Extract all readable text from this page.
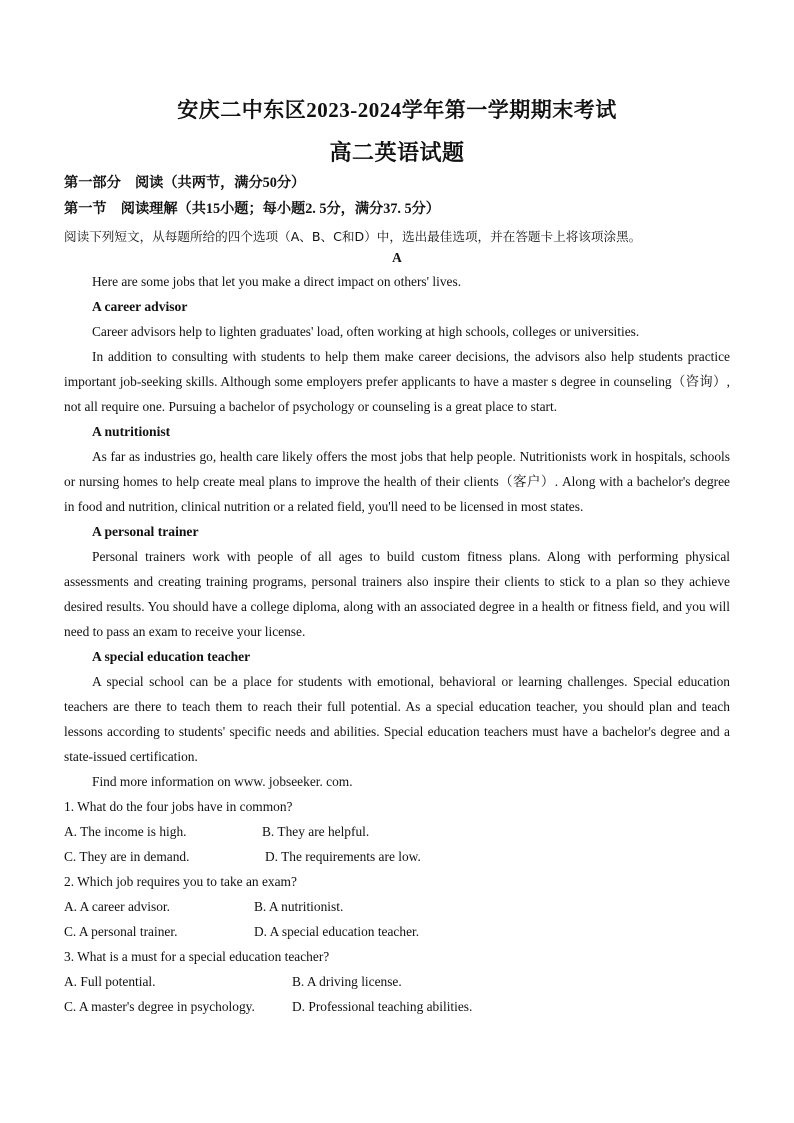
安庆二中东区2023-2024学年第一学期期末考试
高二英语试题
第一部分　阅读（共两节，满分50分）
第一节　阅读理解（共15小题；每小题2. 5分，满分37. 5分）
阅读下列短文，从每题所给的四个选项（A、B、C和D）中，选出最佳选项，并在答题卡上将该项涂黑。
A

Here are some jobs that let you make a direct impact on others' lives.

A career advisor

Career advisors help to lighten graduates' load, often working at high schools, colleges or universities.

In addition to consulting with students to help them make career decisions, the advisors also help students practice important job-seeking skills. Although some employers prefer applicants to have a master s degree in counseling（咨询）, not all require one. Pursuing a bachelor of psychology or counseling is a great place to start.

A nutritionist

As far as industries go, health care likely offers the most jobs that help people. Nutritionists work in hospitals, schools or nursing homes to help create meal plans to improve the health of their clients（客户）. Along with a bachelor's degree in food and nutrition, clinical nutrition or a related field, you'll need to be licensed in most states.

A personal trainer

Personal trainers work with people of all ages to build custom fitness plans. Along with performing physical assessments and creating training programs, personal trainers also inspire their clients to stick to a plan so they achieve desired results. You should have a college diploma, along with an associated degree in a health or fitness field, and you will need to pass an exam to receive your license.

A special education teacher

A special school can be a place for students with emotional, behavioral or learning challenges. Special education teachers are there to teach them to reach their full potential. As a special education teacher, you should plan and teach lessons according to students' specific needs and abilities. Special education teachers must have a bachelor's degree and a state-issued certification.

Find more information on www. jobseeker. com.

1. What do the four jobs have in common?
A. The income is high.	B. They are helpful.
C. They are in demand.	D. The requirements are low.
2. Which job requires you to take an exam?
A. A career advisor.	B. A nutritionist.
C. A personal trainer.	D. A special education teacher.
3. What is a must for a special education teacher?
A. Full potential.	B. A driving license.
C. A master's degree in psychology.	D. Professional teaching abilities.
